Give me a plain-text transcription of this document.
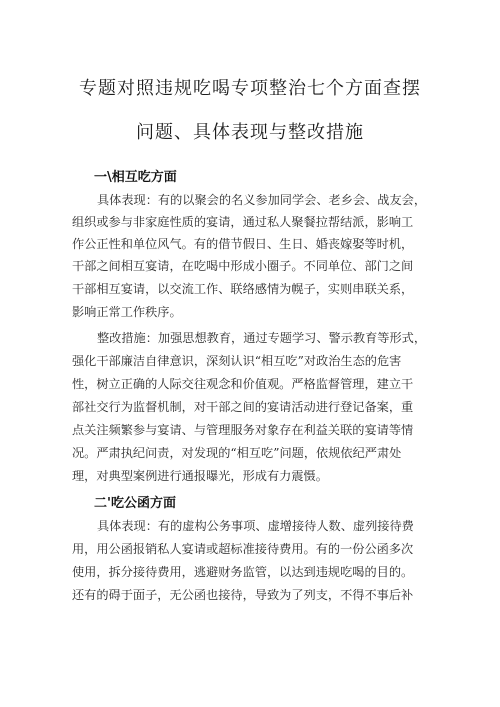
专题对照违规吃喝专项整治七个方面查摆
问题、具体表现与整改措施
一\相互吃方面
具体表现：有的以聚会的名义参加同学会、老乡会、战友会，
组织或参与非家庭性质的宴请，通过私人聚餐拉帮结派，影响工
作公正性和单位风气。有的借节假日、生日、婚丧嫁娶等时机，
干部之间相互宴请，在吃喝中形成小圈子。不同单位、部门之间
干部相互宴请，以交流工作、联络感情为幌子，实则串联关系，
影响正常工作秩序。
整改措施：加强思想教育，通过专题学习、警示教育等形式，
强化干部廉洁自律意识，深刻认识“相互吃”对政治生态的危害
性，树立正确的人际交往观念和价值观。严格监督管理，建立干
部社交行为监督机制，对干部之间的宴请活动进行登记备案，重
点关注频繁参与宴请、与管理服务对象存在利益关联的宴请等情
况。严肃执纪问责，对发现的“相互吃”问题，依规依纪严肃处
理，对典型案例进行通报曝光，形成有力震慑。
二'吃公函方面
具体表现：有的虚构公务事项、虚增接待人数、虚列接待费
用，用公函报销私人宴请或超标准接待费用。有的一份公函多次
使用，拆分接待费用，逃避财务监管，以达到违规吃喝的目的。
还有的碍于面子，无公函也接待，导致为了列支，不得不事后补
